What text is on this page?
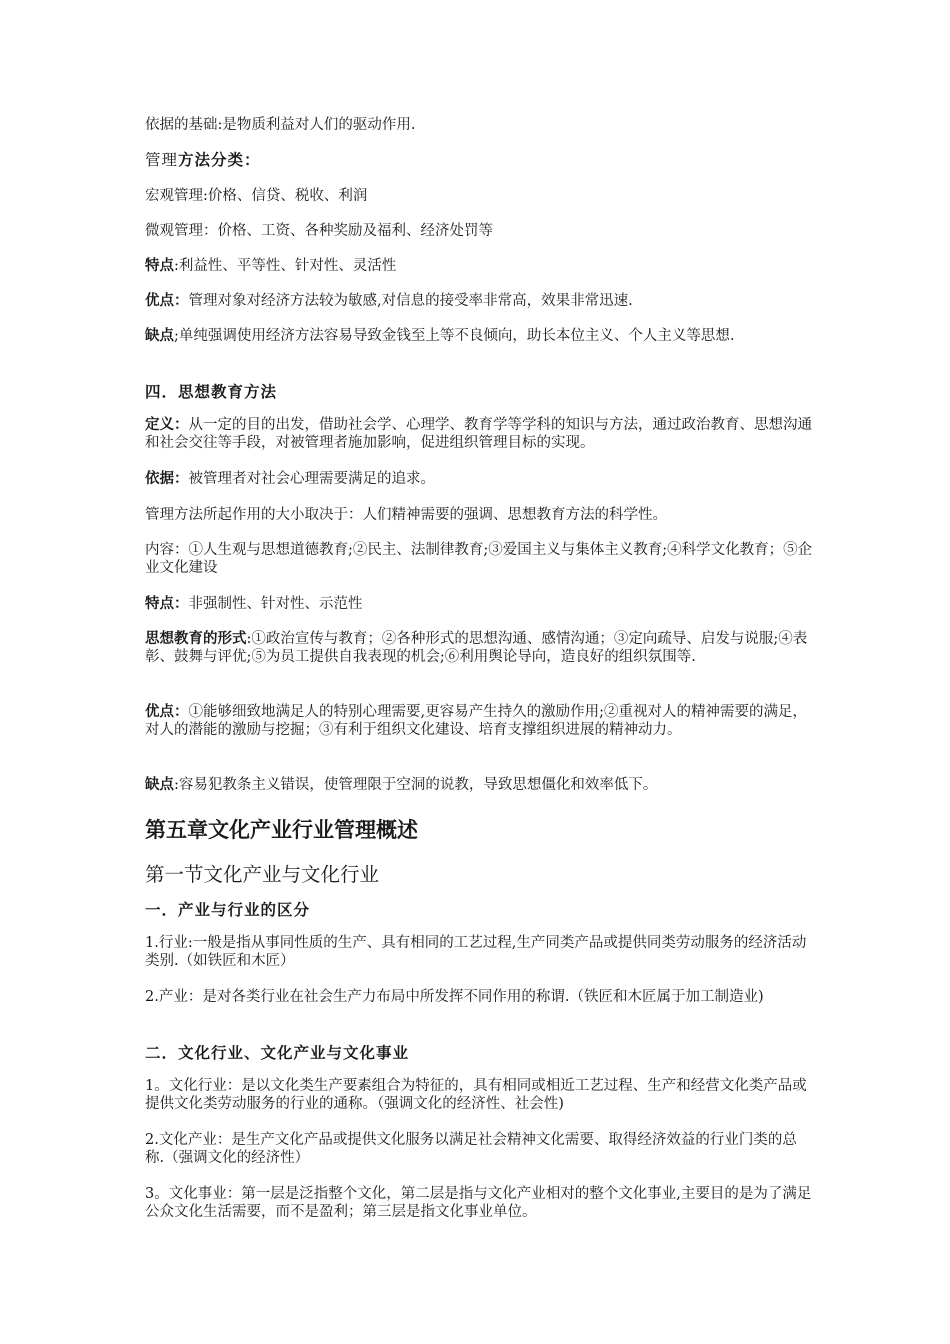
依据的基础:是物质利益对人们的驱动作用.

管理方法分类：

宏观管理:价格、信贷、税收、利润

微观管理：价格、工资、各种奖励及福利、经济处罚等

特点:利益性、平等性、针对性、灵活性

优点：管理对象对经济方法较为敏感,对信息的接受率非常高，效果非常迅速.

缺点;单纯强调使用经济方法容易导致金钱至上等不良倾向，助长本位主义、个人主义等思想.

四．思想教育方法

定义：从一定的目的出发，借助社会学、心理学、教育学等学科的知识与方法，通过政治教育、思想沟通和社会交往等手段，对被管理者施加影响，促进组织管理目标的实现。

依据：被管理者对社会心理需要满足的追求。

管理方法所起作用的大小取决于：人们精神需要的强调、思想教育方法的科学性。

内容：①人生观与思想道德教育;②民主、法制律教育;③爱国主义与集体主义教育;④科学文化教育；⑤企业文化建设

特点：非强制性、针对性、示范性

思想教育的形式:①政治宣传与教育；②各种形式的思想沟通、感情沟通；③定向疏导、启发与说服;④表彰、鼓舞与评优;⑤为员工提供自我表现的机会;⑥利用舆论导向，造良好的组织氛围等.

优点：①能够细致地满足人的特别心理需要,更容易产生持久的激励作用;②重视对人的精神需要的满足，对人的潜能的激励与挖掘；③有利于组织文化建设、培育支撑组织进展的精神动力。

缺点:容易犯教条主义错误，使管理限于空洞的说教，导致思想僵化和效率低下。

第五章文化产业行业管理概述
第一节文化产业与文化行业
一．产业与行业的区分

1.行业:一般是指从事同性质的生产、具有相同的工艺过程,生产同类产品或提供同类劳动服务的经济活动类别.（如铁匠和木匠）

2.产业：是对各类行业在社会生产力布局中所发挥不同作用的称谓.（铁匠和木匠属于加工制造业)

二．文化行业、文化产业与文化事业

1。文化行业：是以文化类生产要素组合为特征的，具有相同或相近工艺过程、生产和经营文化类产品或提供文化类劳动服务的行业的通称。（强调文化的经济性、社会性)

2.文化产业：是生产文化产品或提供文化服务以满足社会精神文化需要、取得经济效益的行业门类的总称.（强调文化的经济性）

3。文化事业：第一层是泛指整个文化，第二层是指与文化产业相对的整个文化事业,主要目的是为了满足公众文化生活需要，而不是盈利；第三层是指文化事业单位。
